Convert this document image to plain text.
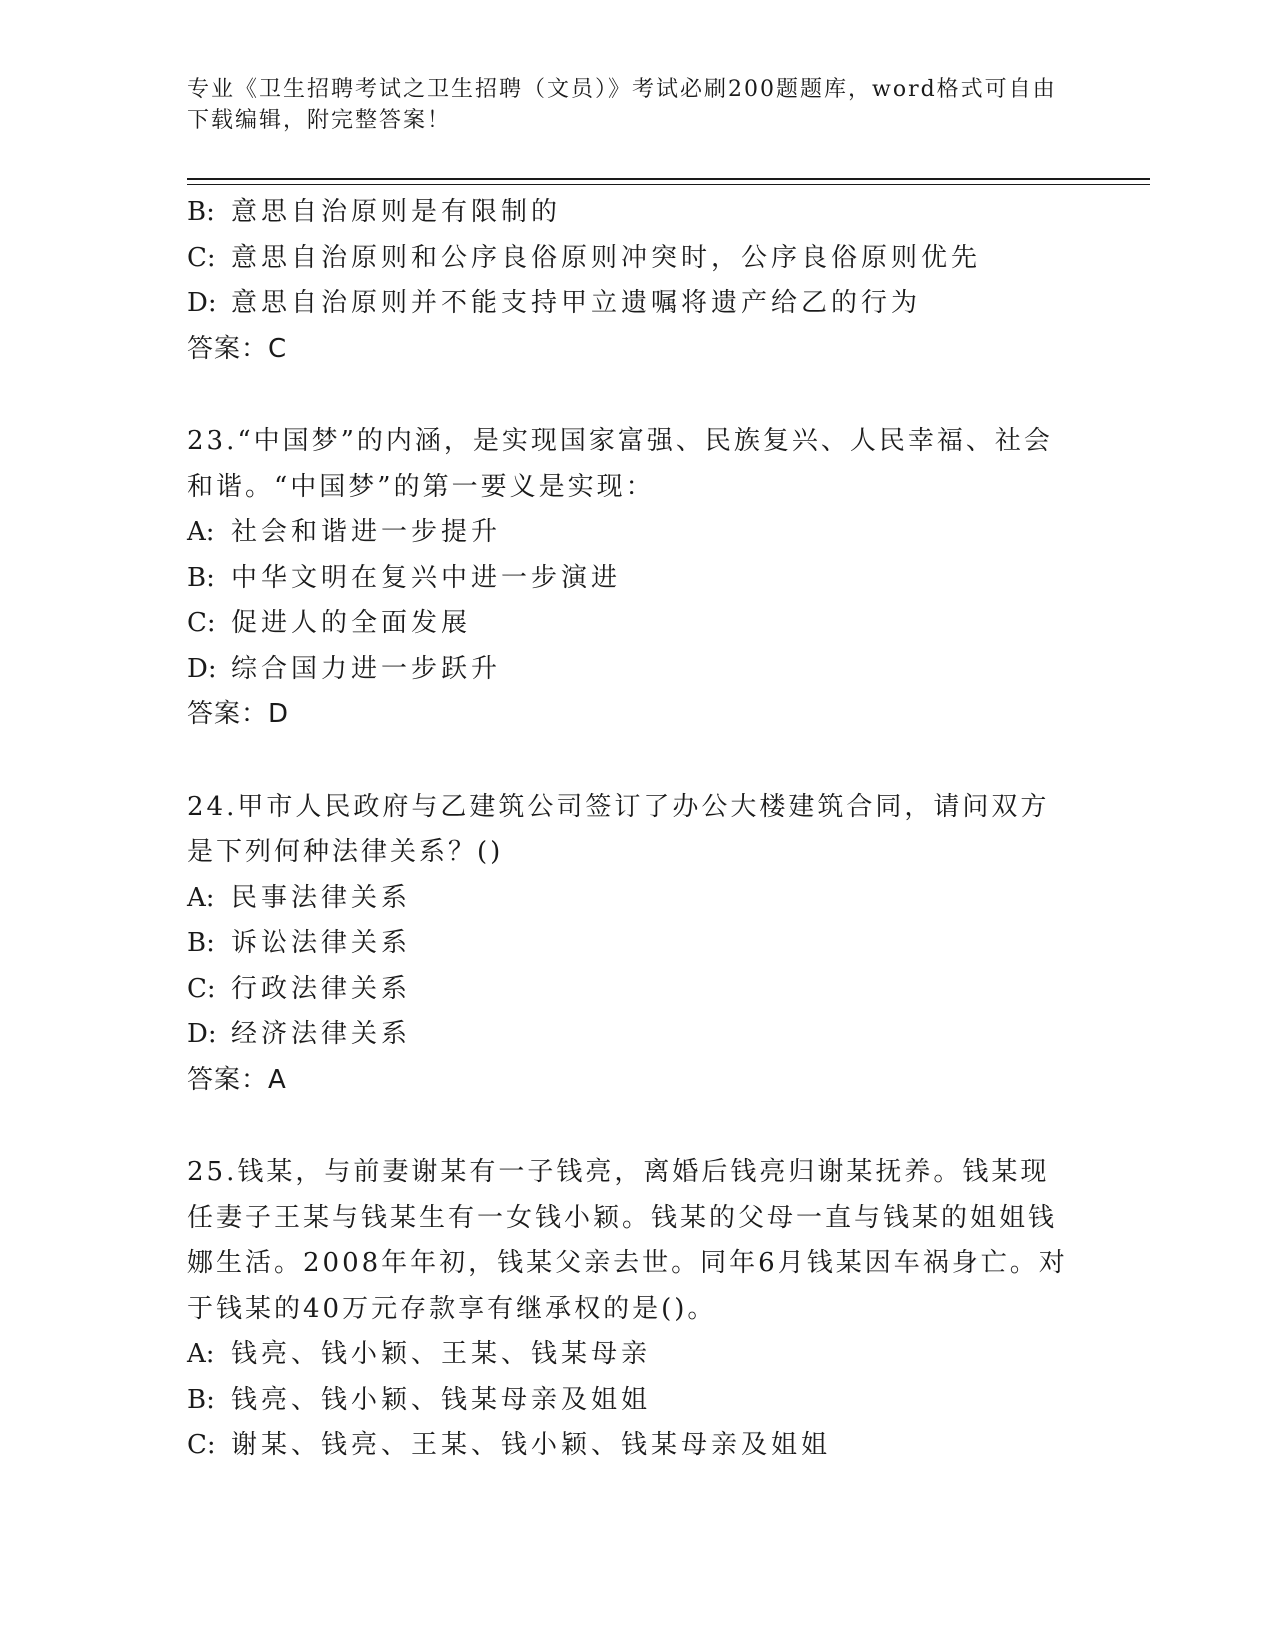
专业《卫生招聘考试之卫生招聘（文员）》考试必刷200题题库，word格式可自由下载编辑，附完整答案！
B: 意思自治原则是有限制的
C: 意思自治原则和公序良俗原则冲突时，公序良俗原则优先
D: 意思自治原则并不能支持甲立遗嘱将遗产给乙的行为
答案：C
23.“中国梦”的内涵，是实现国家富强、民族复兴、人民幸福、社会和谐。“中国梦”的第一要义是实现：
A: 社会和谐进一步提升
B: 中华文明在复兴中进一步演进
C: 促进人的全面发展
D: 综合国力进一步跃升
答案：D
24.甲市人民政府与乙建筑公司签订了办公大楼建筑合同，请问双方是下列何种法律关系？()
A: 民事法律关系
B: 诉讼法律关系
C: 行政法律关系
D: 经济法律关系
答案：A
25.钱某，与前妻谢某有一子钱亮，离婚后钱亮归谢某抚养。钱某现任妻子王某与钱某生有一女钱小颖。钱某的父母一直与钱某的姐姐钱娜生活。2008年年初，钱某父亲去世。同年6月钱某因车祸身亡。对于钱某的40万元存款享有继承权的是()。
A: 钱亮、钱小颖、王某、钱某母亲
B: 钱亮、钱小颖、钱某母亲及姐姐
C: 谢某、钱亮、王某、钱小颖、钱某母亲及姐姐
